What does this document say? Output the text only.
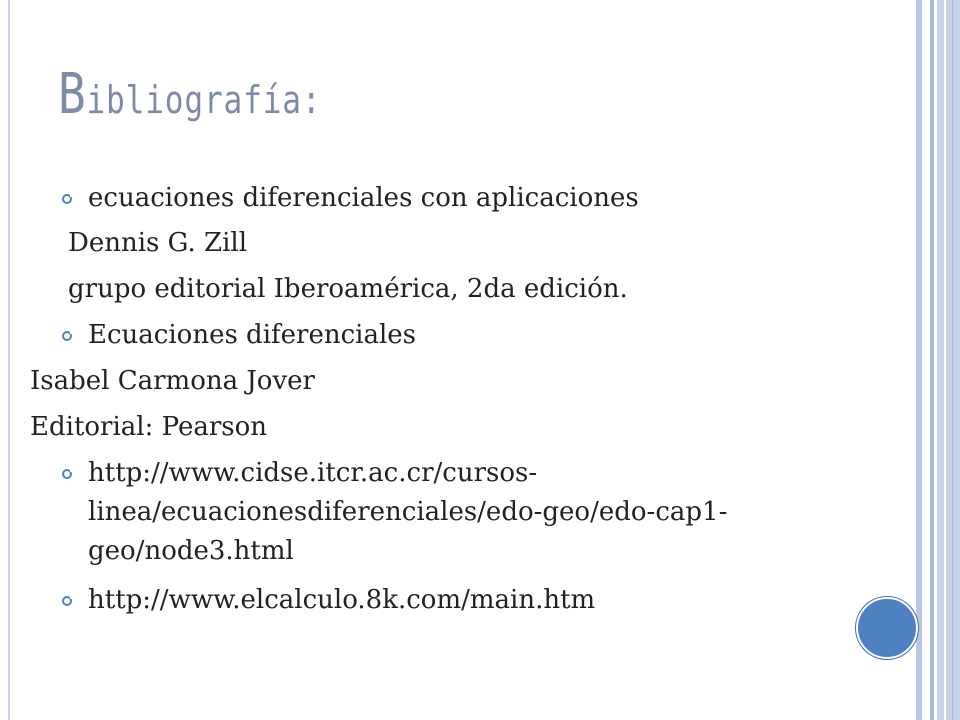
Bibliografía:
ecuaciones diferenciales con aplicaciones
Dennis G. Zill
grupo editorial Iberoamérica, 2da edición.
Ecuaciones diferenciales
Isabel Carmona Jover
Editorial: Pearson
http://www.cidse.itcr.ac.cr/cursos-
linea/ecuacionesdiferenciales/edo-geo/edo-cap1-
geo/node3.html
http://www.elcalculo.8k.com/main.htm
